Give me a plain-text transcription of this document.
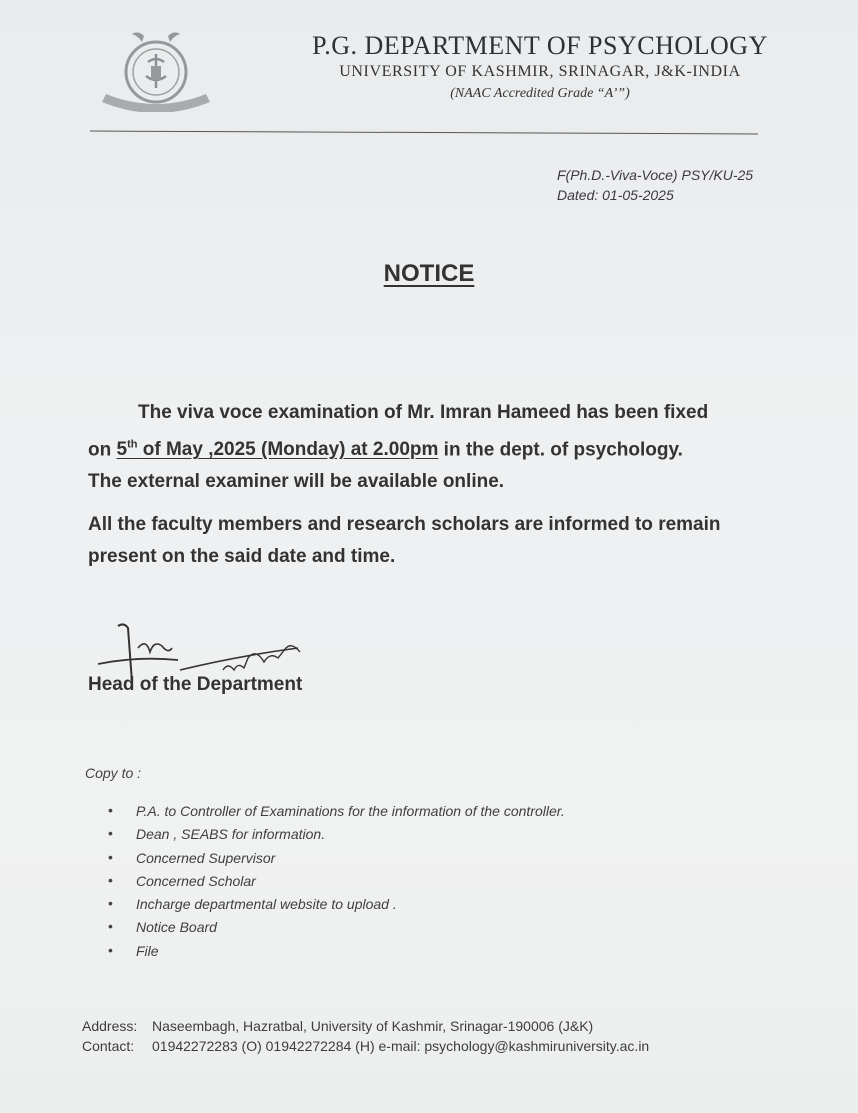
P.G. DEPARTMENT OF PSYCHOLOGY
UNIVERSITY OF KASHMIR, SRINAGAR, J&K-INDIA
(NAAC Accredited Grade “A’”)
F(Ph.D.-Viva-Voce) PSY/KU-25
Dated: 01-05-2025
NOTICE
The viva voce examination of Mr. Imran Hameed has been fixed
on 5th of May ,2025 (Monday) at 2.00pm in the dept. of psychology.
The external examiner will be available online.
All the faculty members and research scholars are informed to remain
present on the said date and time.
Head of the Department
Copy to :
• P.A. to Controller of Examinations for the information of the controller.
• Dean , SEABS for information.
• Concerned Supervisor
• Concerned Scholar
• Incharge departmental website to upload .
• Notice Board
• File
Address: Naseembagh, Hazratbal, University of Kashmir, Srinagar-190006 (J&K)
Contact: 01942272283 (O) 01942272284 (H) e-mail: psychology@kashmiruniversity.ac.in
